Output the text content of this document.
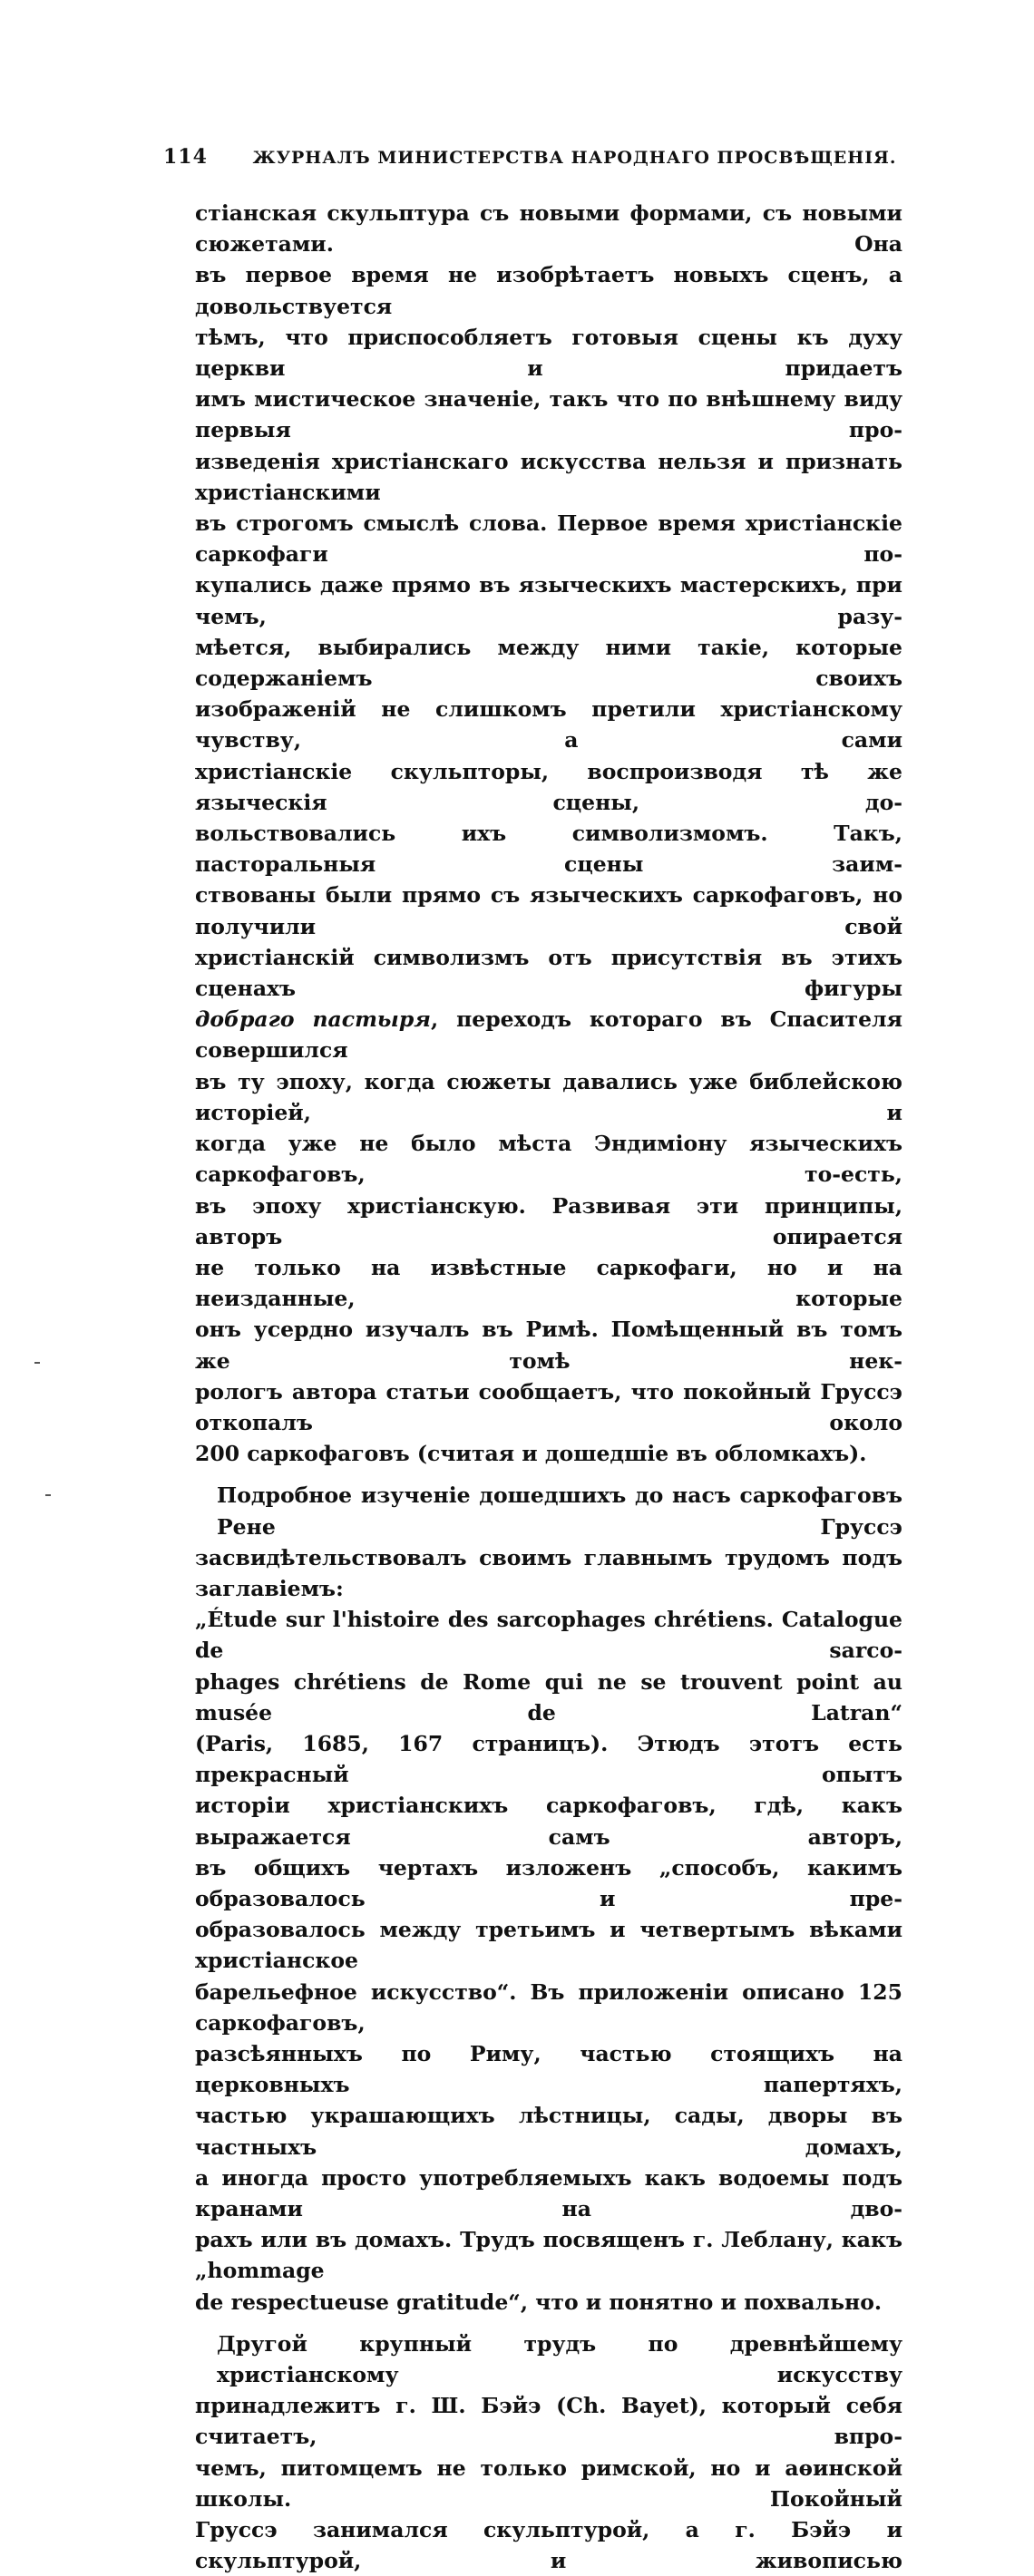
114	ЖУРНАЛЪ МИНИСТЕРСТВА НАРОДНАГО ПРОСВѢЩЕНІЯ.
стіанская скульптура съ новыми формами, съ новыми сюжетами. Она
въ первое время не изобрѣтаетъ новыхъ сценъ, а довольствуется
тѣмъ, что приспособляетъ готовыя сцены къ духу церкви и придаетъ
имъ мистическое значеніе, такъ что по внѣшнему виду первыя про-
изведенія христіанскаго искусства нельзя и признать христіанскими
въ строгомъ смыслѣ слова. Первое время христіанскіе саркофаги по-
купались даже прямо въ языческихъ мастерскихъ, при чемъ, разу-
мѣется, выбирались между ними такіе, которые содержаніемъ своихъ
изображеній не слишкомъ претили христіанскому чувству, а сами
христіанскіе скульпторы, воспроизводя тѣ же языческія сцены, до-
вольствовались ихъ символизмомъ. Такъ, пасторальныя сцены заим-
ствованы были прямо съ языческихъ саркофаговъ, но получили свой
христіанскій символизмъ отъ присутствія въ этихъ сценахъ фигуры
добраго пастыря, переходъ котораго въ Спасителя совершился
въ ту эпоху, когда сюжеты давались уже библейскою исторіей, и
когда уже не было мѣста Эндиміону языческихъ саркофаговъ, то-есть,
въ эпоху христіанскую. Развивая эти принципы, авторъ опирается
не только на извѣстные саркофаги, но и на неизданные, которые
онъ усердно изучалъ въ Римѣ. Помѣщенный въ томъ же томѣ нек-
рологъ автора статьи сообщаетъ, что покойный Груссэ откопалъ около
200 саркофаговъ (считая и дошедшіе въ обломкахъ).
Подробное изученіе дошедшихъ до насъ саркофаговъ Рене Груссэ
засвидѣтельствовалъ своимъ главнымъ трудомъ подъ заглавіемъ:
„Étude sur l'histoire des sarcophages chrétiens. Catalogue de sarco-
phages chrétiens de Rome qui ne se trouvent point au musée de Latran“
(Paris, 1685, 167 страницъ). Этюдъ этотъ есть прекрасный опытъ
исторіи христіанскихъ саркофаговъ, гдѣ, какъ выражается самъ авторъ,
въ общихъ чертахъ изложенъ „способъ, какимъ образовалось и пре-
образовалось между третьимъ и четвертымъ вѣками христіанское
барельефное искусство“. Въ приложеніи описано 125 саркофаговъ,
разсѣянныхъ по Риму, частью стоящихъ на церковныхъ папертяхъ,
частью украшающихъ лѣстницы, сады, дворы въ частныхъ домахъ,
а иногда просто употребляемыхъ какъ водоемы подъ кранами на дво-
рахъ или въ домахъ. Трудъ посвященъ г. Леблану, какъ „hommage
de respectueuse gratitude“, что и понятно и похвально.
Другой крупный трудъ по древнѣйшему христіанскому искусству
принадлежитъ г. Ш. Бэйэ (Ch. Bayet), который себя считаетъ, впро-
чемъ, питомцемъ не только римской, но и аѳинской школы. Покойный
Груссэ занимался скульптурой, а г. Бэйэ и скульптурой, и живописью
